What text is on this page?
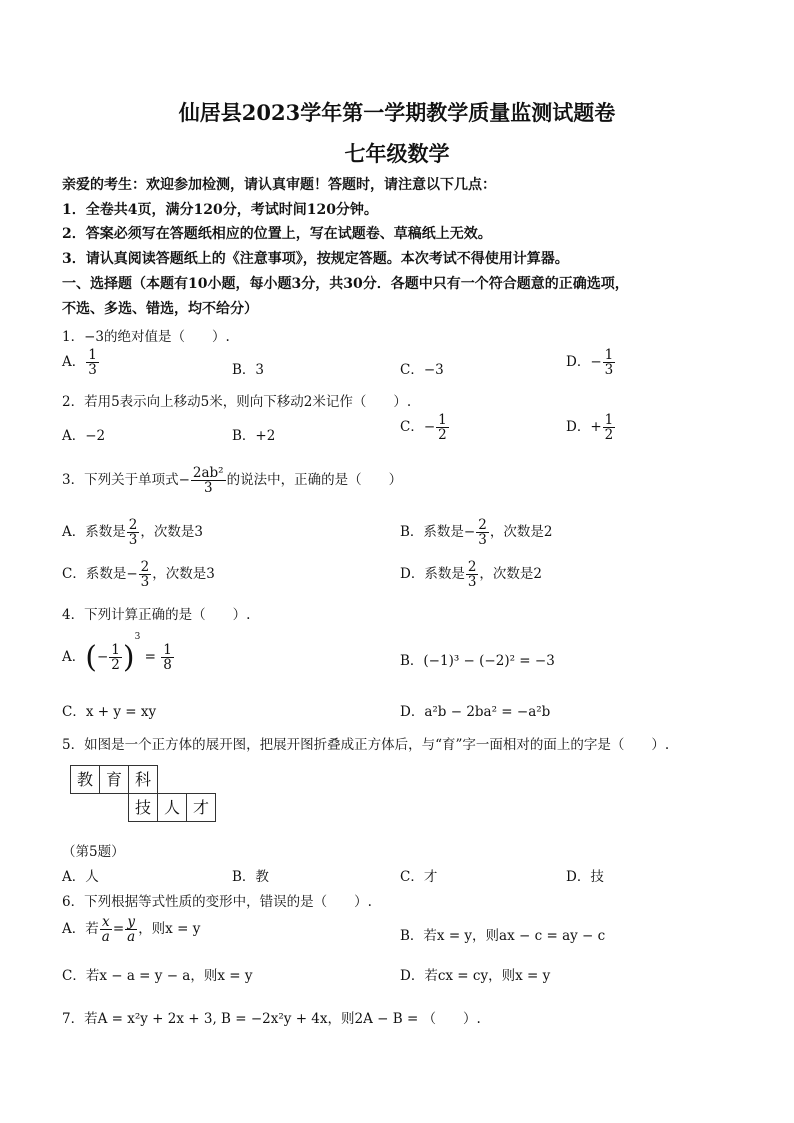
仙居县2023学年第一学期教学质量监测试题卷
七年级数学
亲爱的考生：欢迎参加检测，请认真审题！答题时，请注意以下几点：
1．全卷共4页，满分120分，考试时间120分钟。
2．答案必须写在答题纸相应的位置上，写在试题卷、草稿纸上无效。
3．请认真阅读答题纸上的《注意事项》，按规定答题。本次考试不得使用计算器。
一、选择题（本题有10小题，每小题3分，共30分．各题中只有一个符合题意的正确选项，
不选、多选、错选，均不给分）
1．−3的绝对值是（　　）.
A． $\frac{1}{3}$	B．3	C．−3	D．− $\frac{1}{3}$
2．若用5表示向上移动5米，则向下移动2米记作（　　）.
A．−2	B．+2
C．− $\frac{1}{2}$	D．+ $\frac{1}{2}$
3．下列关于单项式− $\frac{\text{2ab²}}{3}$ 的说法中，正确的是（　　）
A．系数是 $\frac{2}{3}$ ，次数是3	B．系数是− $\frac{2}{3}$ ，次数是2
C．系数是− $\frac{2}{3}$ ，次数是3	D．系数是 $\frac{2}{3}$ ，次数是2
4．下列计算正确的是（　　）.
A．(− $\frac{1}{2} )^3 = \frac{1}{8}$	B．(−1)³ − (−2)² = −3
C．x + y = xy	D．a²b − 2ba² = −a²b
5．如图是一个正方体的展开图，把展开图折叠成正方体后，与“育”字一面相对的面上的字是（　　）.
教 育 科
技 人 才
（第5题）
A．人	B．教	C．才	D．技
6．下列根据等式性质的变形中，错误的是（　　）.
A．若 $\frac{x}{a} = \frac{y}{a}$ ，则x = y	B．若x = y，则ax − c = ay − c
C．若x − a = y − a，则x = y	D．若cx = cy，则x = y
7．若A = x²y + 2x + 3, B = −2x²y + 4x，则2A − B = （　　）.
